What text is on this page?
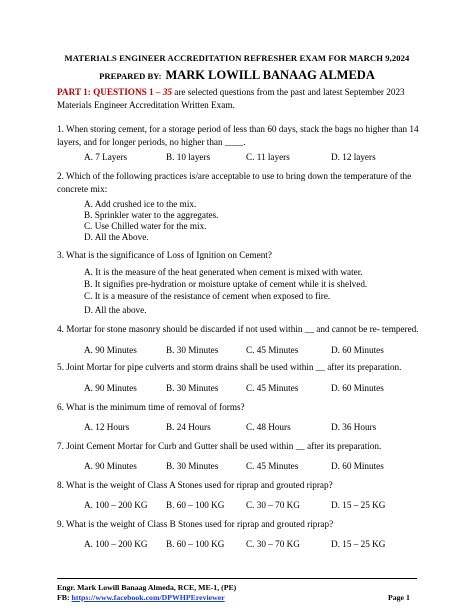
MATERIALS ENGINEER ACCREDITATION REFRESHER EXAM FOR MARCH 9,2024
PREPARED BY: MARK LOWILL BANAAG ALMEDA
PART 1: QUESTIONS 1 – 35 are selected questions from the past and latest September 2023 Materials Engineer Accreditation Written Exam.
1. When storing cement, for a storage period of less than 60 days, stack the bags no higher than 14 layers, and for longer periods, no higher than ____.
A. 7 Layers	B. 10 layers	C. 11 layers	D. 12 layers
2. Which of the following practices is/are acceptable to use to bring down the temperature of the concrete mix:
A. Add crushed ice to the mix.
B. Sprinkler water to the aggregates.
C. Use Chilled water for the mix.
D. All the Above.
3. What is the significance of Loss of Ignition on Cement?
A. It is the measure of the heat generated when cement is mixed with water.
B. It signifies pre-hydration or moisture uptake of cement while it is shelved.
C. It is a measure of the resistance of cement when exposed to fire.
D. All the above.
4. Mortar for stone masonry should be discarded if not used within __ and cannot be re- tempered.
A. 90 Minutes	B. 30 Minutes	C. 45 Minutes	D. 60 Minutes
5. Joint Mortar for pipe culverts and storm drains shall be used within __ after its preparation.
A. 90 Minutes	B. 30 Minutes	C. 45 Minutes	D. 60 Minutes
6. What is the minimum time of removal of forms?
A. 12 Hours	B. 24 Hours	C. 48 Hours	D. 36 Hours
7. Joint Cement Mortar for Curb and Gutter shall be used within __ after its preparation.
A. 90 Minutes	B. 30 Minutes	C. 45 Minutes	D. 60 Minutes
8. What is the weight of Class A Stones used for riprap and grouted riprap?
A. 100 – 200 KG B. 60 – 100 KG C. 30 – 70 KG	D. 15 – 25 KG
9. What is the weight of Class B Stones used for riprap and grouted riprap?
A. 100 – 200 KG B. 60 – 100 KG C. 30 – 70 KG	D. 15 – 25 KG
Engr. Mark Lowill Banaag Almeda, RCE, ME-1, (PE)
FB: https://www.facebook.com/DPWHPEreviewer	Page 1
